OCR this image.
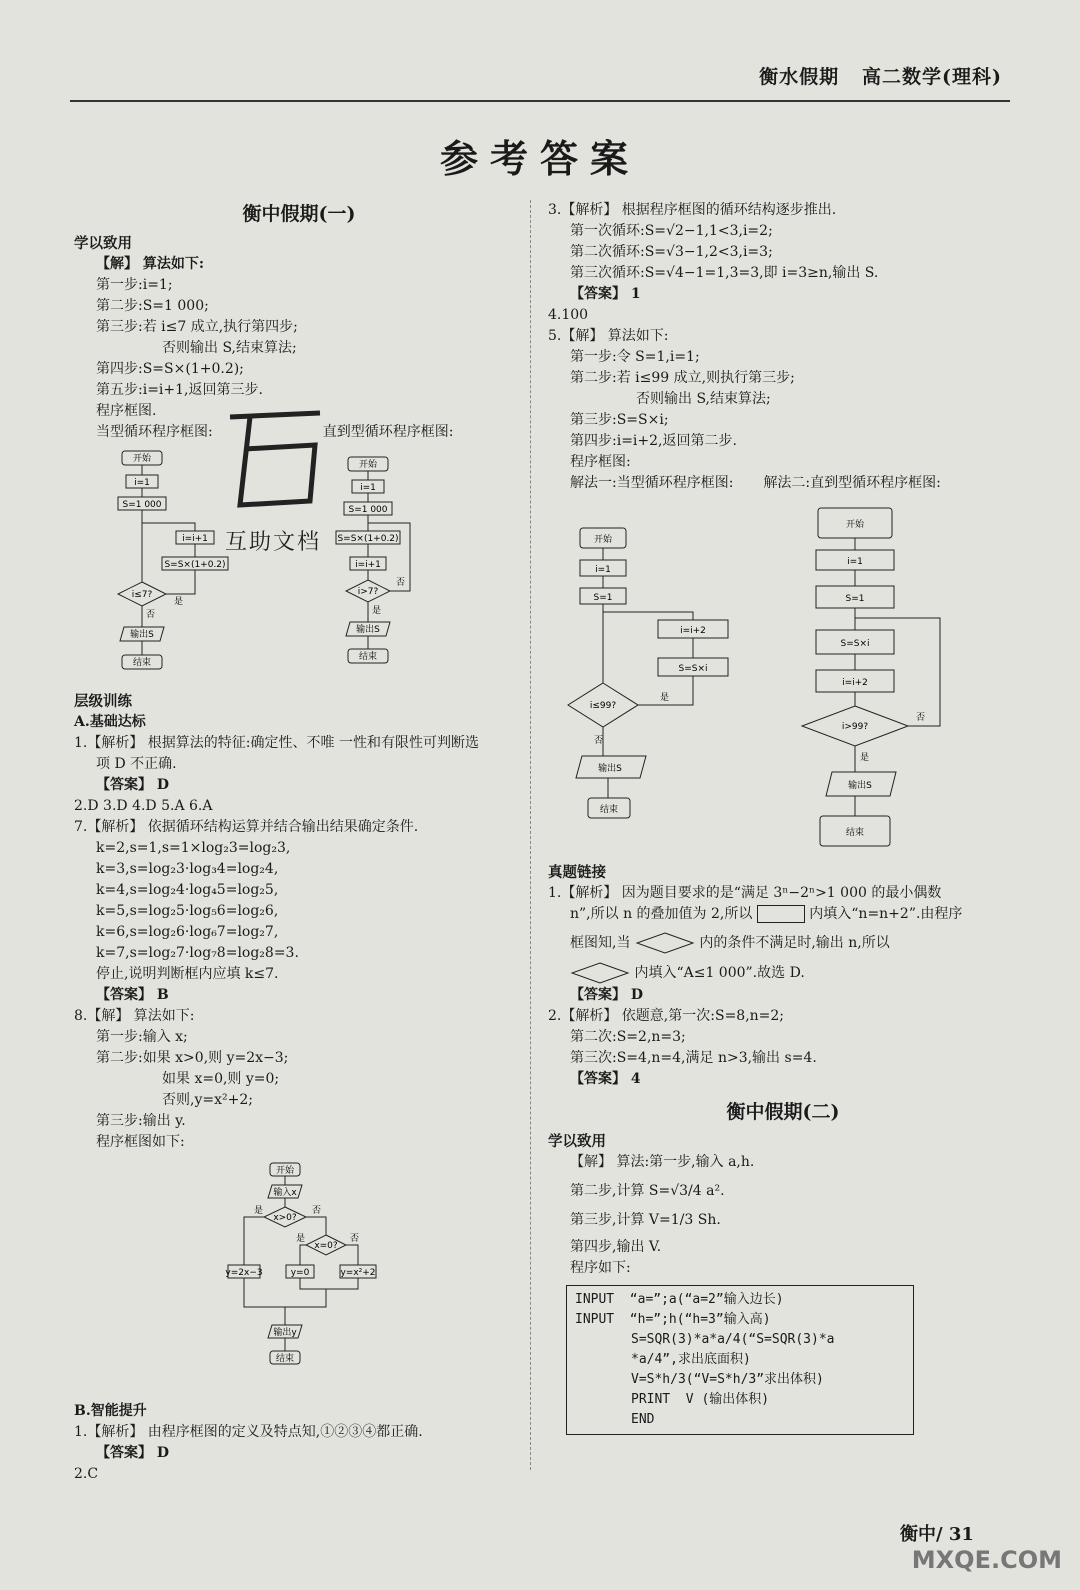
衡水假期 高二数学(理科)
参考答案
衡中假期(一)
学以致用
【解】 算法如下:
第一步:i=1;
第二步:S=1 000;
第三步:若 i≤7 成立,执行第四步;
否则输出 S,结束算法;
第四步:S=S×(1+0.2);
第五步:i=i+1,返回第三步.
程序框图.
当型循环程序框图:	直到型循环程序框图:
开始
i=1
S=1 000
i=i+1
S=S×(1+0.2)
i≤7?
是
否
输出S
结束
开始
i=1
S=1 000
S=S×(1+0.2)
i=i+1
i>7?
否
是
输出S
结束
层级训练
A.基础达标
1.【解析】 根据算法的特征:确定性、不唯 一性和有限性可判断选
项 D 不正确.
【答案】 D
2.D 3.D 4.D 5.A 6.A
7.【解析】 依据循环结构运算并结合输出结果确定条件.
k=2,s=1,s=1×log₂3=log₂3,
k=3,s=log₂3·log₃4=log₂4,
k=4,s=log₂4·log₄5=log₂5,
k=5,s=log₂5·log₅6=log₂6,
k=6,s=log₂6·log₆7=log₂7,
k=7,s=log₂7·log₇8=log₂8=3.
停止,说明判断框内应填 k≤7.
【答案】 B
8.【解】 算法如下:
第一步:输入 x;
第二步:如果 x>0,则 y=2x−3;
如果 x=0,则 y=0;
否则,y=x²+2;
第三步:输出 y.
程序框图如下:
开始
输入x
x>0?
是	否
x=0?
是	否
y=2x−3	y=0	y=x²+2
输出y
结束
B.智能提升
1.【解析】 由程序框图的定义及特点知,①②③④都正确.
【答案】 D
2.C
互助文档
3.【解析】 根据程序框图的循环结构逐步推出.
第一次循环:S=√2−1,1<3,i=2;
第二次循环:S=√3−1,2<3,i=3;
第三次循环:S=√4−1=1,3=3,即 i=3≥n,输出 S.
【答案】 1
4.100
5.【解】 算法如下:
第一步:令 S=1,i=1;
第二步:若 i≤99 成立,则执行第三步;
否则输出 S,结束算法;
第三步:S=S×i;
第四步:i=i+2,返回第二步.
程序框图:
解法一:当型循环程序框图: 解法二:直到型循环程序框图:
开始
i=1
S=1
i=i+2
S=S×i
i≤99?
是
否
输出S
结束
开始
i=1
S=1
S=S×i
i=i+2
i>99?
否
是
输出S
结束
真题链接
1.【解析】 因为题目要求的是“满足 3ⁿ−2ⁿ>1 000 的最小偶数
n”,所以 n 的叠加值为 2,所以	内填入“n=n+2”.由程序
框图知,当	内的条件不满足时,输出 n,所以
内填入“A≤1 000”.故选 D.
【答案】 D
2.【解析】 依题意,第一次:S=8,n=2;
第二次:S=2,n=3;
第三次:S=4,n=4,满足 n>3,输出 s=4.
【答案】 4
衡中假期(二)
学以致用
【解】 算法:第一步,输入 a,h.
第二步,计算 S=√3/4 a².
第三步,计算 V=1/3 Sh.
第四步,输出 V.
程序如下:
INPUT  “a=”;a(“a=2”输入边长)
INPUT  “h=”;h(“h=3”输入高)
S=SQR(3)*a*a/4(“S=SQR(3)*a
*a/4”,求出底面积)
V=S*h/3(“V=S*h/3”求出体积)
PRINT  V (输出体积)
END
衡中/ 31
MXQE.COM
